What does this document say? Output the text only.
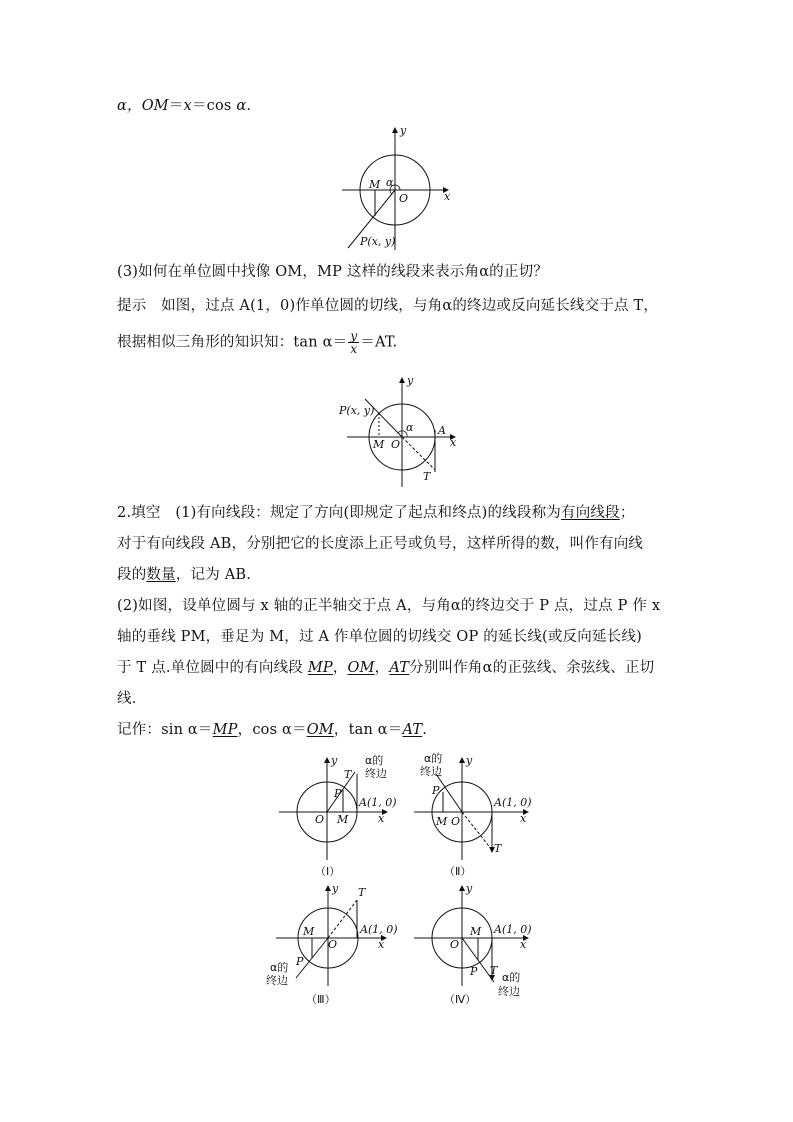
α，OM＝x＝cos α.
y
x
M α
O
P(x, y)
(3)如何在单位圆中找像 OM，MP 这样的线段来表示角α的正切？
提示　如图，过点 A(1，0)作单位圆的切线，与角α的终边或反向延长线交于点 T，
根据相似三角形的知识知：$\tan \alpha= \frac{y}{x} =AT$.
y
x
P(x, y)
α
M O
A
T
2.填空　(1)有向线段：规定了方向(即规定了起点和终点)的线段称为有向线段；
对于有向线段 AB，分别把它的长度添上正号或负号，这样所得的数，叫作有向线
段的数量，记为 AB.
(2)如图，设单位圆与 x 轴的正半轴交于点 A，与角α的终边交于 P 点，过点 P 作 x
轴的垂线 PM，垂足为 M，过 A 作单位圆的切线交 OP 的延长线(或反向延长线)
于 T 点.单位圆中的有向线段 MP，OM，AT分别叫作角α的正弦线、余弦线、正切
线.
记作：sin α＝MP，cos α＝OM，tan α＝AT.
y
x
T
P
A(1, 0)
O M
α的
终边
（Ⅰ）
y
x
P
A(1, 0)
M O
T
α的
终边
（Ⅱ）
y
x
T
M	A(1, 0)
O
P
α的
终边
（Ⅲ）
y
x
M A(1, 0)
O
P T
α的
终边
（Ⅳ）
